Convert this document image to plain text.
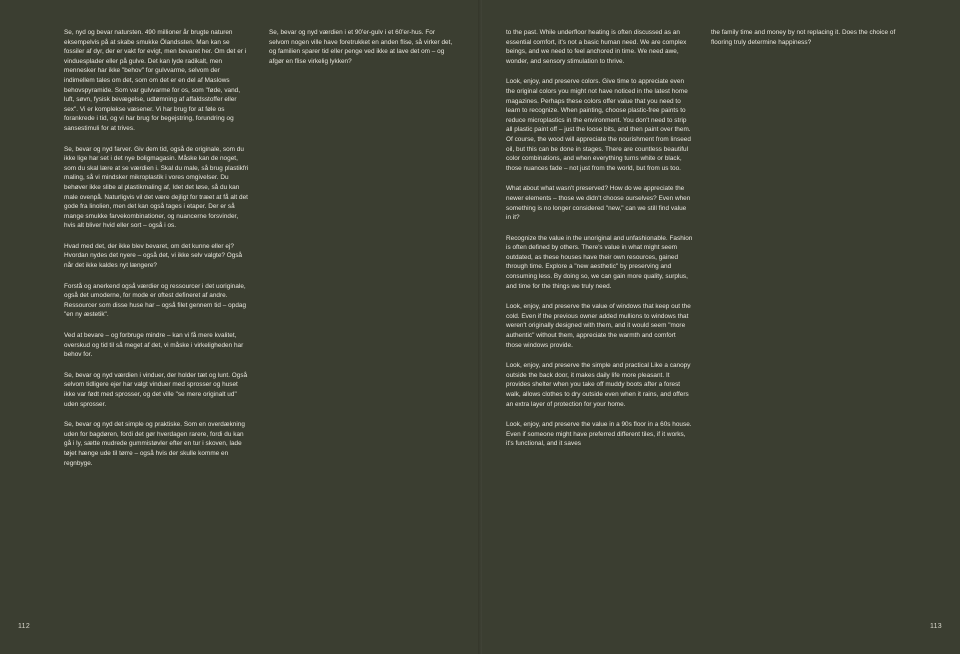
Se, nyd og bevar natursten. 490 millioner år brugte naturen eksempelvis på at skabe smukke Ölandssten. Man kan se fossiler af dyr, der er vakt for evigt, men bevaret her. Om det er i vinduesplader eller på gulve. Det kan lyde radikalt, men mennesker har ikke "behov" for gulvvarme, selvom der indimellem tales om det, som om det er en del af Maslows behovspyramide. Som var gulvvarme for os, som "føde, vand, luft, søvn, fysisk bevægelse, udtømning af affaldsstoffer eller sex". Vi er komplekse væsener. Vi har brug for at føle os forankrede i tid, og vi har brug for begejstring, forundring og sansestimuli for at trives.

Se, bevar og nyd farver. Giv dem tid, også de originale, som du ikke lige har set i det nye boligmagasin. Måske kan de noget, som du skal lære at se værdien i. Skal du male, så brug plastikfri maling, så vi mindsker mikroplastik i vores omgivelser. Du behøver ikke slibe al plastikmaling af, Idet det løse, så du kan male ovenpå. Naturligvis vil det være dejligt for træet at få alt det gode fra linolien, men det kan også tages i etaper. Der er så mange smukke farvekombinationer, og nuancerne forsvinder, hvis alt bliver hvid eller sort – også i os.

Hvad med det, der ikke blev bevaret, om det kunne eller ej? Hvordan nydes det nyere – også det, vi ikke selv valgte? Også når det ikke kaldes nyt længere?

Forstå og anerkend også værdier og ressourcer i det uoriginale, også det umoderne, for mode er oftest defineret af andre. Ressourcer som disse huse har – også filet gennem tid – opdag "en ny æstetik".

Ved at bevare – og forbruge mindre – kan vi få mere kvalitet, overskud og tid til så meget af det, vi måske i virkeligheden har behov for.

Se, bevar og nyd værdien i vinduer, der holder tæt og lunt. Også selvom tidligere ejer har valgt vinduer med sprosser og huset ikke var født med sprosser, og det ville "se mere originalt ud" uden sprosser.

Se, bevar og nyd det simple og praktiske. Som en overdækning uden for bagdøren, fordi det gør hverdagen rarere, fordi du kan gå i ly, sætte mudrede gummistøvler efter en tur i skoven, lade tøjet hænge ude til tørre – også hvis der skulle komme en regnbyge.

Se, bevar og nyd værdien i et 90'er-gulv i et 60'er-hus. For selvom nogen ville have foretrukket en anden flise, så virker det, og familien sparer tid eller penge ved ikke at lave det om – og afgør en flise virkelig lykken?

112

to the past. While underfloor heating is often discussed as an essential comfort, it's not a basic human need. We are complex beings, and we need to feel anchored in time. We need awe, wonder, and sensory stimulation to thrive.

Look, enjoy, and preserve colors. Give time to appreciate even the original colors you might not have noticed in the latest home magazines. Perhaps these colors offer value that you need to learn to recognize. When painting, choose plastic-free paints to reduce microplastics in the environment. You don't need to strip all plastic paint off – just the loose bits, and then paint over them. Of course, the wood will appreciate the nourishment from linseed oil, but this can be done in stages. There are countless beautiful color combinations, and when everything turns white or black, those nuances fade – not just from the world, but from us too.

What about what wasn't preserved? How do we appreciate the newer elements – those we didn't choose ourselves? Even when something is no longer considered "new," can we still find value in it?

Recognize the value in the unoriginal and unfashionable. Fashion is often defined by others. There's value in what might seem outdated, as these houses have their own resources, gained through time. Explore a "new aesthetic" by preserving and consuming less. By doing so, we can gain more quality, surplus, and time for the things we truly need.

Look, enjoy, and preserve the value of windows that keep out the cold. Even if the previous owner added mullions to windows that weren't originally designed with them, and it would seem "more authentic" without them, appreciate the warmth and comfort those windows provide.

Look, enjoy, and preserve the simple and practical Like a canopy outside the back door, it makes daily life more pleasant. It provides shelter when you take off muddy boots after a forest walk, allows clothes to dry outside even when it rains, and offers an extra layer of protection for your home.

Look, enjoy, and preserve the value in a 90s floor in a 60s house. Even if someone might have preferred different tiles, if it works, it's functional, and it saves

the family time and money by not replacing it. Does the choice of flooring truly determine happiness?

113
